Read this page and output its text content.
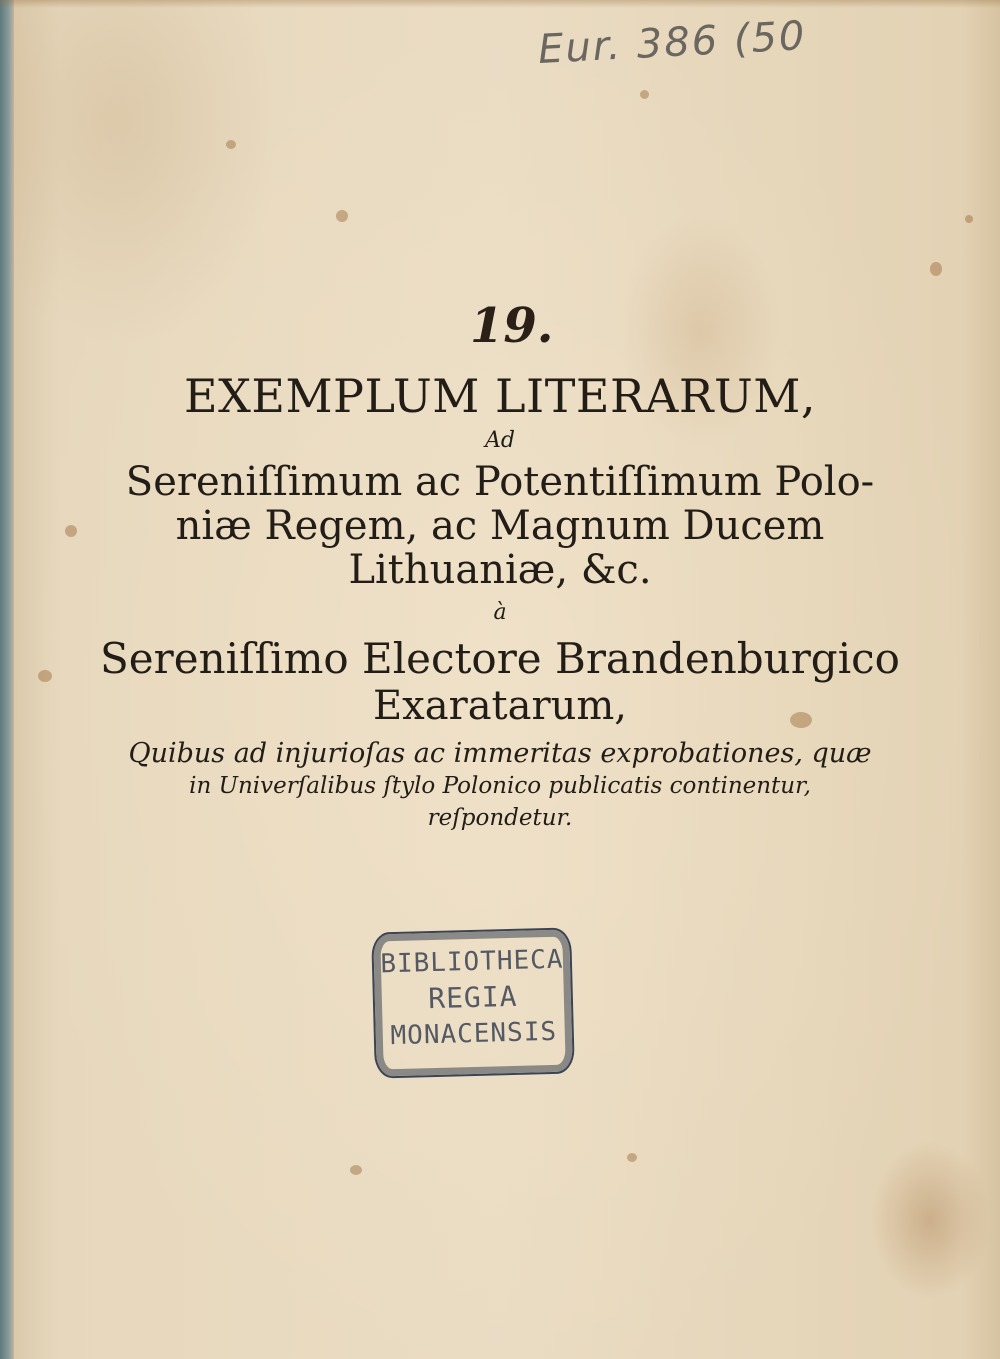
Eur. 386 (50
19.
EXEMPLUM LITERARUM,
Ad
Sereniſſimum ac Potentiſſimum Polo-
niæ Regem, ac Magnum Ducem
Lithuaniæ, &c.
à
Sereniſſimo Electore Brandenburgico
Exaratarum,
Quibus ad injurioſas ac immeritas exprobationes, quæ
in Univerſalibus ſtylo Polonico publicatis continentur,
reſpondetur.
BIBLIOTHECA
REGIA
MONACENSIS
